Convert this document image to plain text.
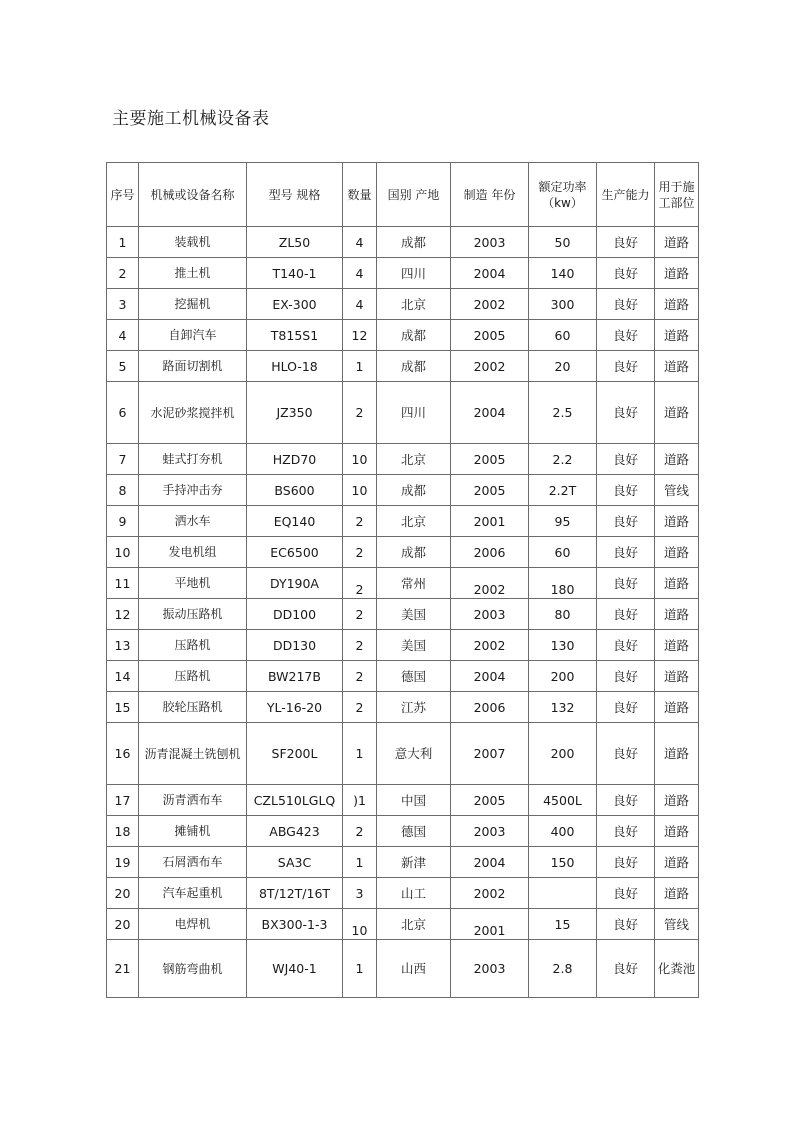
主要施工机械设备表
序号	机械或设备名称	型号 规格	数量	国别 产地	制造 年份	额定功率（kw）	生产能力	用于施工部位
1	装载机	ZL50	4	成都	2003	50	良好	道路
2	推土机	T140-1	4	四川	2004	140	良好	道路
3	挖掘机	EX-300	4	北京	2002	300	良好	道路
4	自卸汽车	T815S1	12	成都	2005	60	良好	道路
5	路面切割机	HLO-18	1	成都	2002	20	良好	道路
6	水泥砂浆搅拌机	JZ350	2	四川	2004	2.5	良好	道路

7	蛙式打夯机	HZD70	10	北京	2005	2.2	良好	道路
8	手持冲击夯	BS600	10	成都	2005	2.2T	良好	管线
9	洒水车	EQ140	2	北京	2001	95	良好	道路
10	发电机组	EC6500	2	成都	2006	60	良好	道路
11	平地机	DY190A	2	常州	2002	180	良好	道路
12	振动压路机	DD100	2	美国	2003	80	良好	道路
13	压路机	DD130	2	美国	2002	130	良好	道路
14	压路机	BW217B	2	德国	2004	200	良好	道路
15	胶轮压路机	YL-16-20	2	江苏	2006	132	良好	道路
16	沥青混凝土铣刨机	SF200L	1	意大利	2007	200	良好	道路

17	沥青洒布车	CZL510LGLQ	)1	中国	2005	4500L	良好	道路
18	摊铺机	ABG423	2	德国	2003	400	良好	道路
19	石屑洒布车	SA3C	1	新津	2004	150	良好	道路
20	汽车起重机	8T/12T/16T	3	山工	2002		良好	道路
20	电焊机	BX300-1-3	10	北京	2001	15	良好	管线
21	钢筋弯曲机	WJ40-1	1	山西	2003	2.8	良好	化粪池
